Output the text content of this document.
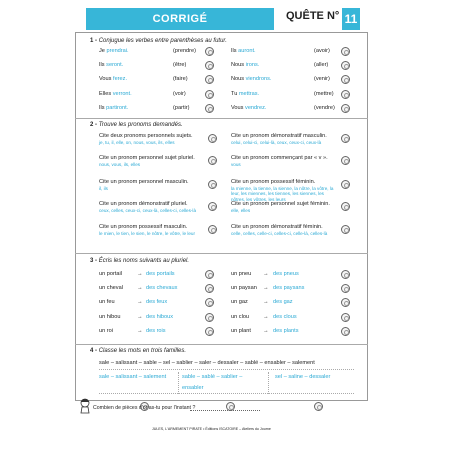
CORRIGÉ	QUÊTE N° 11
1 - Conjugue les verbes entre parenthèses au futur.
Je prendrai.	(prendre)
Ils seront.	(être)
Vous ferez.	(faire)
Elles verront.	(voir)
Ils partiront.	(partir)
Ils auront.	(avoir)
Nous irons.	(aller)
Nous viendrons.	(venir)
Tu mettras.	(mettre)
Vous vendrez.	(vendre)
2 - Trouve les pronoms demandés.
Cite deux pronoms personnels sujets.
je, tu, il, elle, on, nous, vous, ils, elles
Cite un pronom personnel sujet pluriel.
nous, vous, ils, elles
Cite un pronom personnel masculin.
il, ils
Cite un pronom démonstratif pluriel.
ceux, celles, ceux-ci, ceux-là, celles-ci, celles-là
Cite un pronom possessif masculin.
le mien, le tien, le sien, le nôtre, le vôtre, le leur
Cite un pronom démonstratif masculin.
celui, celui-ci, celui-là, ceux, ceux-ci, ceux-là
Cite un pronom commençant par « v ».
vous
Cite un pronom possessif féminin.
la mienne, la tienne, la sienne, la nôtre, la vôtre, la leur, les miennes, les tiennes, les siennes, les nôtres, les vôtres, les leurs
Cite un pronom personnel sujet féminin.
elle, elles
Cite un pronom démonstratif féminin.
celle, celles, celle-ci, celles-ci, celle-là, celles-là
3 - Écris les noms suivants au pluriel.
un portail	→ des portails
un cheval	→ des chevaux
un feu	→ des feux
un hibou	→ des hiboux
un roi	→ des rois
un pneu → des pneus
un paysan → des paysans
un gaz	→ des gaz
un clou → des clous
un plant → des plants
4 - Classe les mots en trois familles.
sale – salissant – sable – sel – sablier – saler – dessaler – sablé – ensabler – salement
sale – salissant – salement	sable – sablé – sablier –
ensabler
sel – saline – dessaler
Combien de pièces d'or as-tu pour l'instant ?
JULES, L'ARMEMENT PIRATE • Éditions ISCATOIRE – Ateliers du Journe
